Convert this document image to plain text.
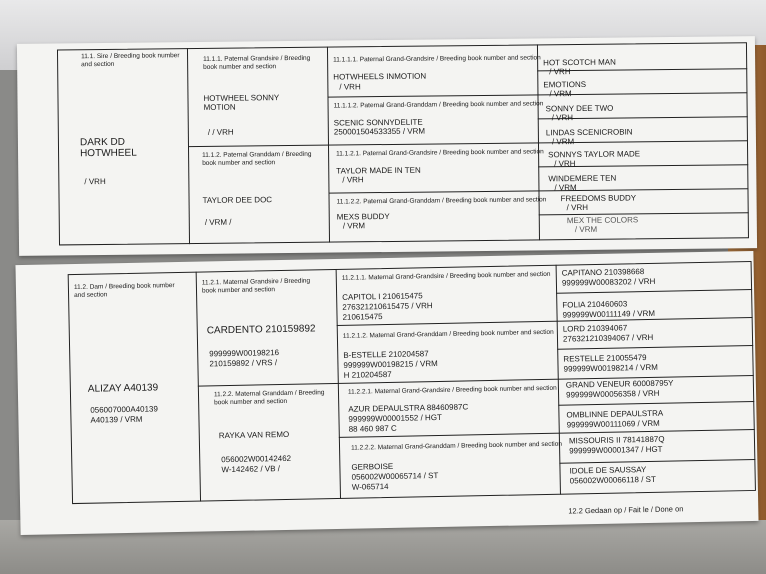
11.1. Sire / Breeding book number
and section
DARK DD
HOTWHEEL
/ VRH
11.1.1. Paternal Grandsire / Breeding
book number and section
HOTWHEEL SONNY
MOTION
/ / VRH
11.1.2. Paternal Granddam / Breeding
book number and section
TAYLOR DEE DOC
/ VRM /
11.1.1.1. Paternal Grand-Grandsire / Breeding book number and section
HOTWHEELS INMOTION
/ VRH
HOT SCOTCH MAN
/ VRH
EMOTIONS
/ VRM
11.1.1.2. Paternal Grand-Granddam / Breeding book number and section
SCENIC SONNYDELITE
250001504533355 / VRM
SONNY DEE TWO
/ VRH
LINDAS SCENICROBIN
/ VRM
11.1.2.1. Paternal Grand-Grandsire / Breeding book number and section
TAYLOR MADE IN TEN
/ VRH
SONNYS TAYLOR MADE
/ VRH
WINDEMERE TEN
/ VRM
11.1.2.2. Paternal Grand-Granddam / Breeding book number and section
MEXS BUDDY
/ VRM
FREEDOMS BUDDY
/ VRH
MEX THE COLORS
/ VRM
11.2. Dam / Breeding book number
and section
ALIZAY A40139
056007000A40139
A40139 / VRM
11.2.1. Maternal Grandsire / Breeding
book number and section
CARDENTO 210159892
999999W00198216
210159892 / VRS /
11.2.2. Maternal Granddam / Breeding
book number and section
RAYKA VAN REMO
056002W00142462
W-142462 / VB /
11.2.1.1. Maternal Grand-Grandsire / Breeding book number and section
CAPITOL I 210615475
276321210615475 / VRH
210615475
CAPITANO 210398668
999999W00083202 / VRH
FOLIA 210460603
999999W00111149 / VRM
11.2.1.2. Maternal Grand-Granddam / Breeding book number and section
B-ESTELLE 210204587
999999W00198215 / VRM
H 210204587
LORD 210394067
276321210394067 / VRH
RESTELLE 210055479
999999W00198214 / VRM
11.2.2.1. Maternal Grand-Grandsire / Breeding book number and section
AZUR DEPAULSTRA 88460987C
999999W00001552 / HGT
88 460 987 C
GRAND VENEUR 60008795Y
999999W00056358 / VRH
OMBLINNE DEPAULSTRA
999999W00111069 / VRM
11.2.2.2. Maternal Grand-Granddam / Breeding book number and section
GERBOISE
056002W00065714 / ST
W-065714
MISSOURIS II 78141887Q
999999W00001347 / HGT
IDOLE DE SAUSSAY
056002W00066118 / ST
12.2 Gedaan op / Fait le / Done on
